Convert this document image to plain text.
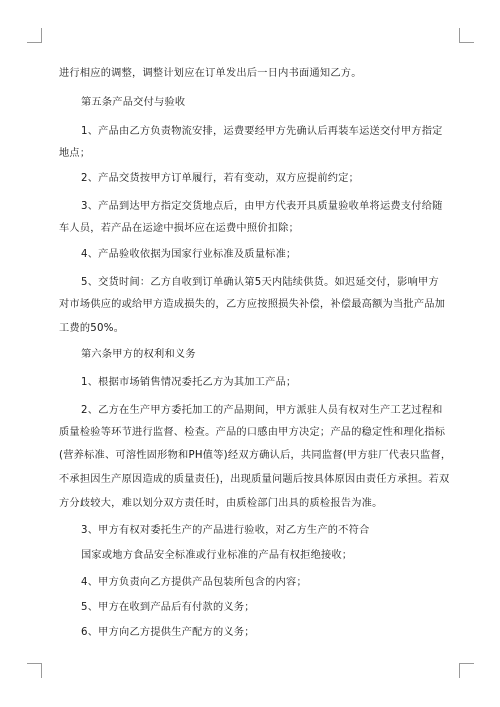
进行相应的调整，调整计划应在订单发出后一日内书面通知乙方。
第五条产品交付与验收
1、产品由乙方负责物流安排，运费要经甲方先确认后再装车运送交付甲方指定
地点；
2、产品交货按甲方订单履行，若有变动，双方应提前约定；
3、产品到达甲方指定交货地点后，由甲方代表开具质量验收单将运费支付给随
车人员，若产品在运途中损坏应在运费中照价扣除；
4、产品验收依据为国家行业标准及质量标准；
5、交货时间：乙方自收到订单确认第5天内陆续供货。如迟延交付，影响甲方
对市场供应的或给甲方造成损失的，乙方应按照损失补偿，补偿最高额为当批产品加
工费的50%。
第六条甲方的权利和义务
1、根据市场销售情况委托乙方为其加工产品；
2、乙方在生产甲方委托加工的产品期间，甲方派驻人员有权对生产工艺过程和
质量检验等环节进行监督、检查。产品的口感由甲方决定；产品的稳定性和理化指标
(营养标准、可溶性固形物和PH值等)经双方确认后，共同监督(甲方驻厂代表只监督，
不承担因生产原因造成的质量责任)，出现质量问题后按具体原因由责任方承担。若双
方分歧较大，难以划分双方责任时，由质检部门出具的质检报告为准。
3、甲方有权对委托生产的产品进行验收，对乙方生产的不符合
国家或地方食品安全标准或行业标准的产品有权拒绝接收；
4、甲方负责向乙方提供产品包装所包含的内容；
5、甲方在收到产品后有付款的义务；
6、甲方向乙方提供生产配方的义务；
